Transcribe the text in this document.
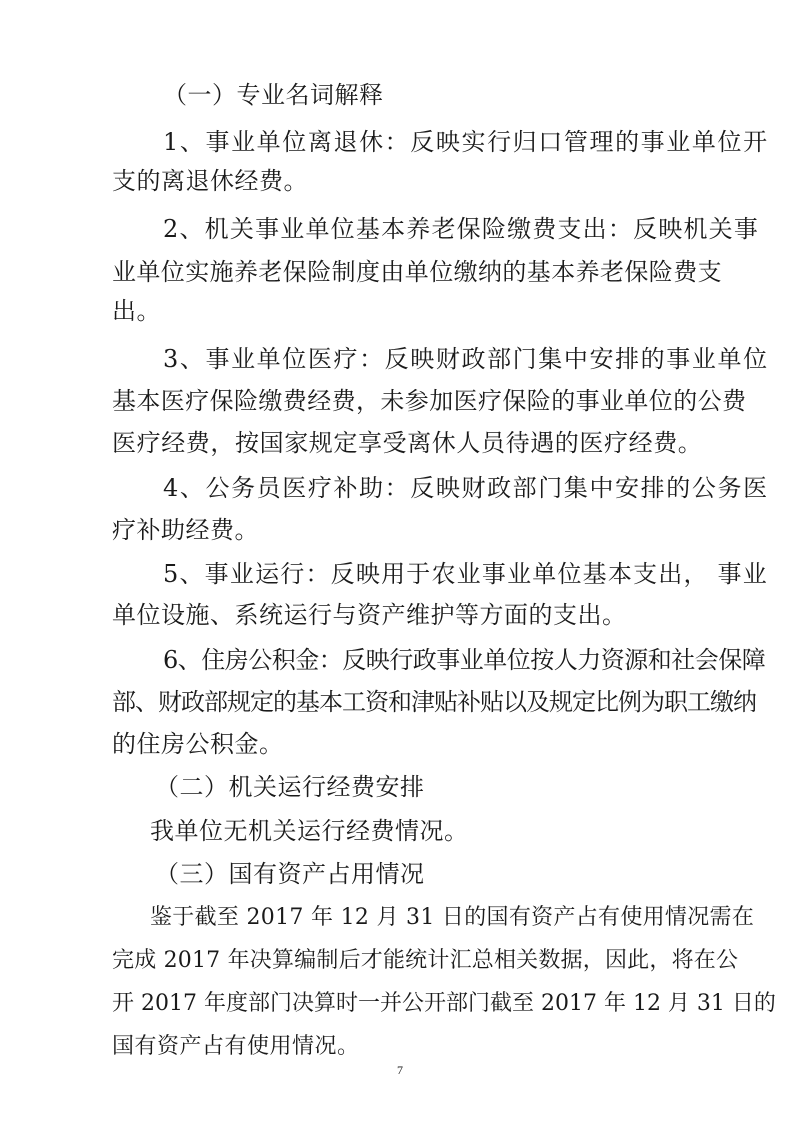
（一）专业名词解释
1、事业单位离退休：反映实行归口管理的事业单位开
支的离退休经费。
2、机关事业单位基本养老保险缴费支出：反映机关事
业单位实施养老保险制度由单位缴纳的基本养老保险费支
出。
3、事业单位医疗：反映财政部门集中安排的事业单位
基本医疗保险缴费经费，未参加医疗保险的事业单位的公费
医疗经费，按国家规定享受离休人员待遇的医疗经费。
4、公务员医疗补助：反映财政部门集中安排的公务医
疗补助经费。
5、事业运行：反映用于农业事业单位基本支出， 事业
单位设施、系统运行与资产维护等方面的支出。
6、住房公积金：反映行政事业单位按人力资源和社会保障
部、财政部规定的基本工资和津贴补贴以及规定比例为职工缴纳
的住房公积金。
（二）机关运行经费安排
我单位无机关运行经费情况。
（三）国有资产占用情况
鉴于截至 2017 年 12 月 31 日的国有资产占有使用情况需在
完成 2017 年决算编制后才能统计汇总相关数据，因此，将在公
开 2017 年度部门决算时一并公开部门截至 2017 年 12 月 31 日的
国有资产占有使用情况。
7
